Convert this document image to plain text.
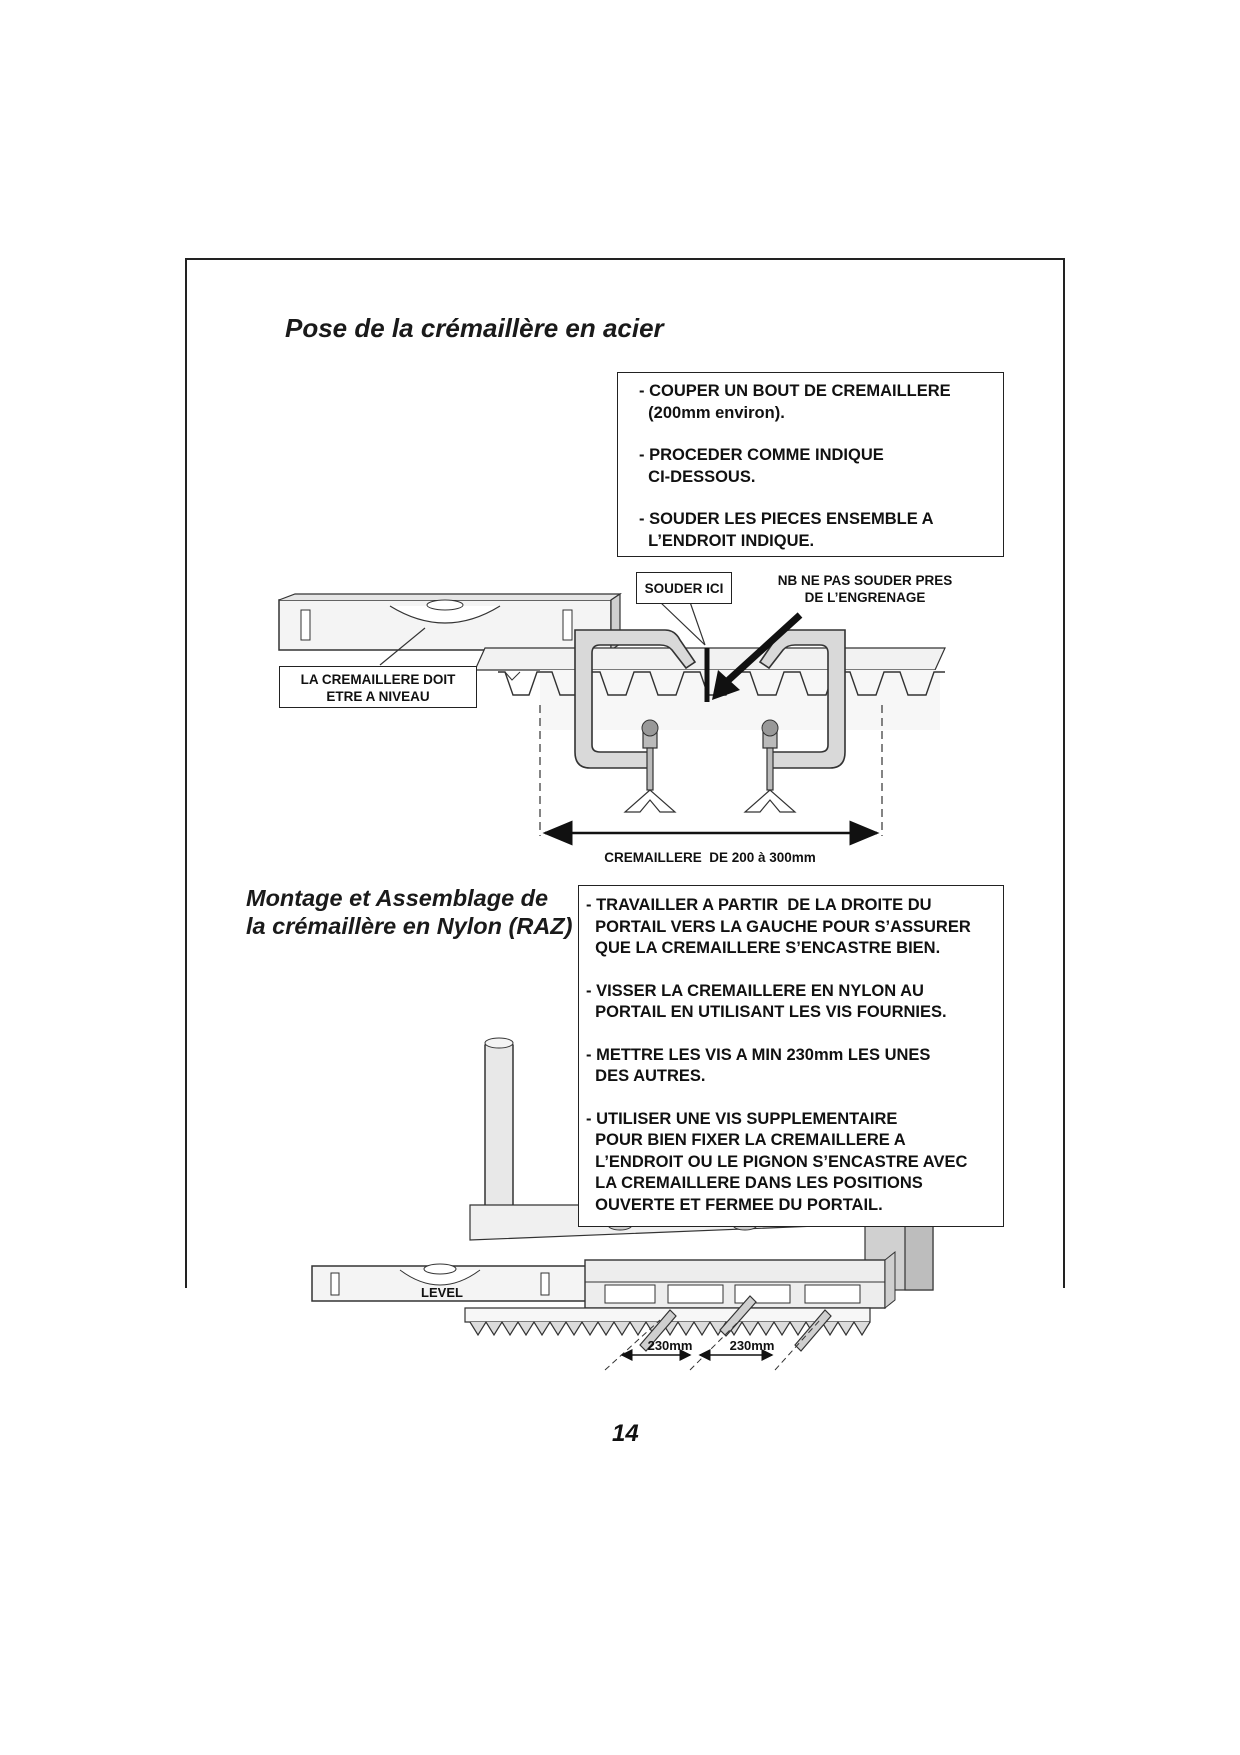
Pose de la crémaillère en acier

- COUPER UN BOUT DE CREMAILLERE
(200mm environ).

- PROCEDER COMME INDIQUE
CI-DESSOUS.

- SOUDER LES PIECES ENSEMBLE A
L’ENDROIT INDIQUE.

SOUDER ICI
NB NE PAS SOUDER PRES
DE L’ENGRENAGE
LA CREMAILLERE DOIT
ETRE A NIVEAU
CREMAILLERE  DE 200 à 300mm
Montage et Assemblage de
la crémaillère en Nylon (RAZ)

- TRAVAILLER A PARTIR  DE LA DROITE DU
PORTAIL VERS LA GAUCHE POUR S’ASSURER
QUE LA CREMAILLERE S’ENCASTRE BIEN.

- VISSER LA CREMAILLERE EN NYLON AU
PORTAIL EN UTILISANT LES VIS FOURNIES.

- METTRE LES VIS A MIN 230mm LES UNES
DES AUTRES.

- UTILISER UNE VIS SUPPLEMENTAIRE
POUR BIEN FIXER LA CREMAILLERE A
L’ENDROIT OU LE PIGNON S’ENCASTRE AVEC
LA CREMAILLERE DANS LES POSITIONS
OUVERTE ET FERMEE DU PORTAIL.

LEVEL
230mm	230mm
14
